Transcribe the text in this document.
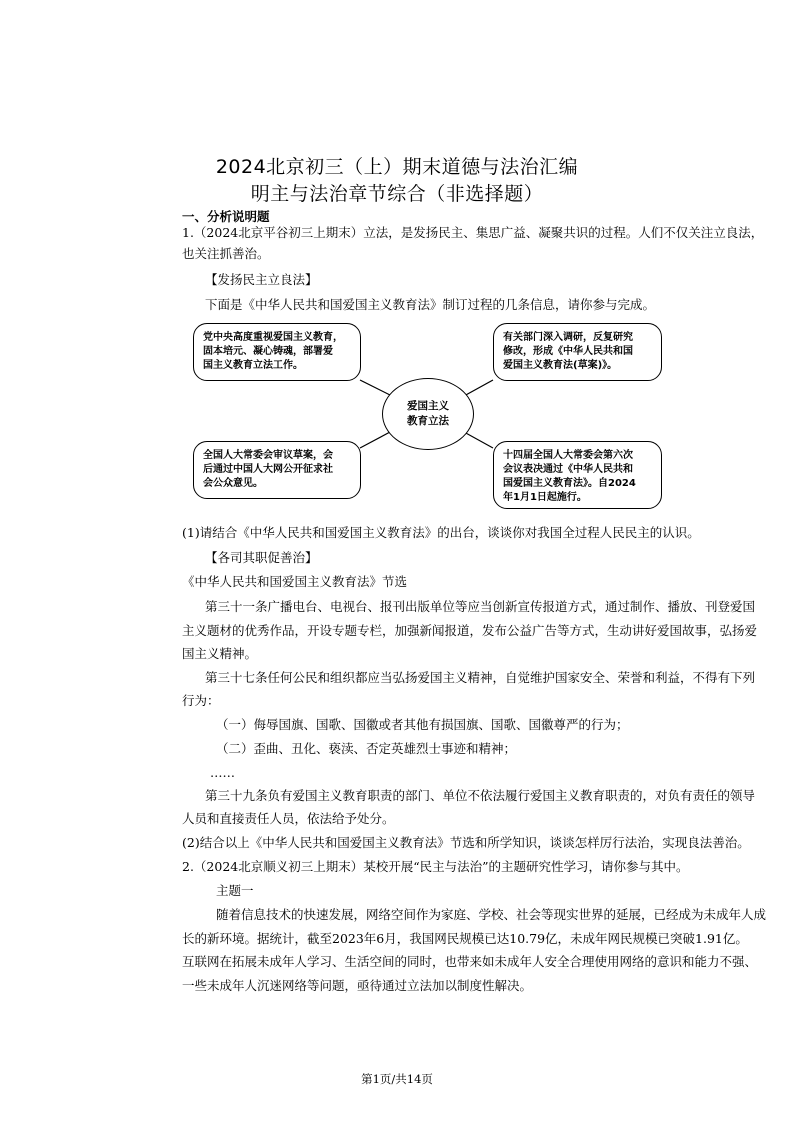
2024北京初三（上）期末道德与法治汇编
明主与法治章节综合（非选择题）
一、分析说明题
1.（2024北京平谷初三上期末）立法，是发扬民主、集思广益、凝聚共识的过程。人们不仅关注立良法，
也关注抓善治。
【发扬民主立良法】
下面是《中华人民共和国爱国主义教育法》制订过程的几条信息，请你参与完成。
党中央高度重视爱国主义教育，
固本培元、凝心铸魂，部署爱
国主义教育立法工作。
有关部门深入调研，反复研究
修改，形成《中华人民共和国
爱国主义教育法(草案)》。
爱国主义
教育立法
全国人大常委会审议草案，会
后通过中国人大网公开征求社
会公众意见。
十四届全国人大常委会第六次
会议表决通过《中华人民共和
国爱国主义教育法》。自2024
年1月1日起施行。
(1)请结合《中华人民共和国爱国主义教育法》的出台，谈谈你对我国全过程人民民主的认识。
【各司其职促善治】
《中华人民共和国爱国主义教育法》节选
第三十一条广播电台、电视台、报刊出版单位等应当创新宣传报道方式，通过制作、播放、刊登爱国
主义题材的优秀作品，开设专题专栏，加强新闻报道，发布公益广告等方式，生动讲好爱国故事，弘扬爱
国主义精神。
第三十七条任何公民和组织都应当弘扬爱国主义精神，自觉维护国家安全、荣誉和利益，不得有下列
行为：
（一）侮辱国旗、国歌、国徽或者其他有损国旗、国歌、国徽尊严的行为；
（二）歪曲、丑化、亵渎、否定英雄烈士事迹和精神；
……
第三十九条负有爱国主义教育职责的部门、单位不依法履行爱国主义教育职责的，对负有责任的领导
人员和直接责任人员，依法给予处分。
(2)结合以上《中华人民共和国爱国主义教育法》节选和所学知识，谈谈怎样厉行法治，实现良法善治。
2.（2024北京顺义初三上期末）某校开展“民主与法治”的主题研究性学习，请你参与其中。
主题一
随着信息技术的快速发展，网络空间作为家庭、学校、社会等现实世界的延展，已经成为未成年人成
长的新环境。据统计，截至2023年6月，我国网民规模已达10.79亿，未成年网民规模已突破1.91亿。
互联网在拓展未成年人学习、生活空间的同时，也带来如未成年人安全合理使用网络的意识和能力不强、
一些未成年人沉迷网络等问题，亟待通过立法加以制度性解决。
第1页/共14页
